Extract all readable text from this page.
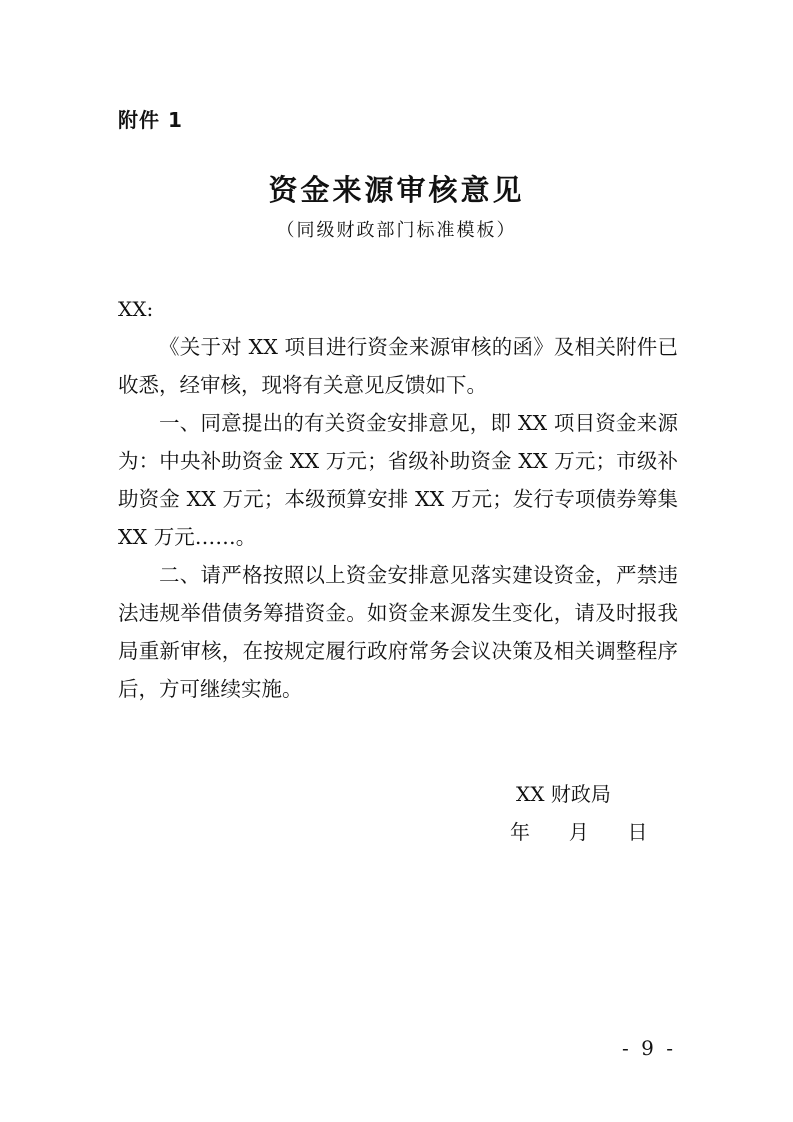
附件 1
资金来源审核意见
（同级财政部门标准模板）
XX:

《关于对 XX 项目进行资金来源审核的函》及相关附件已收悉，经审核，现将有关意见反馈如下。

一、同意提出的有关资金安排意见，即 XX 项目资金来源为：中央补助资金 XX 万元；省级补助资金 XX 万元；市级补助资金 XX 万元；本级预算安排 XX 万元；发行专项债券筹集 XX 万元……。

二、请严格按照以上资金安排意见落实建设资金，严禁违法违规举借债务筹措资金。如资金来源发生变化，请及时报我局重新审核，在按规定履行政府常务会议决策及相关调整程序后，方可继续实施。

XX 财政局
年 月 日
- 9 -
